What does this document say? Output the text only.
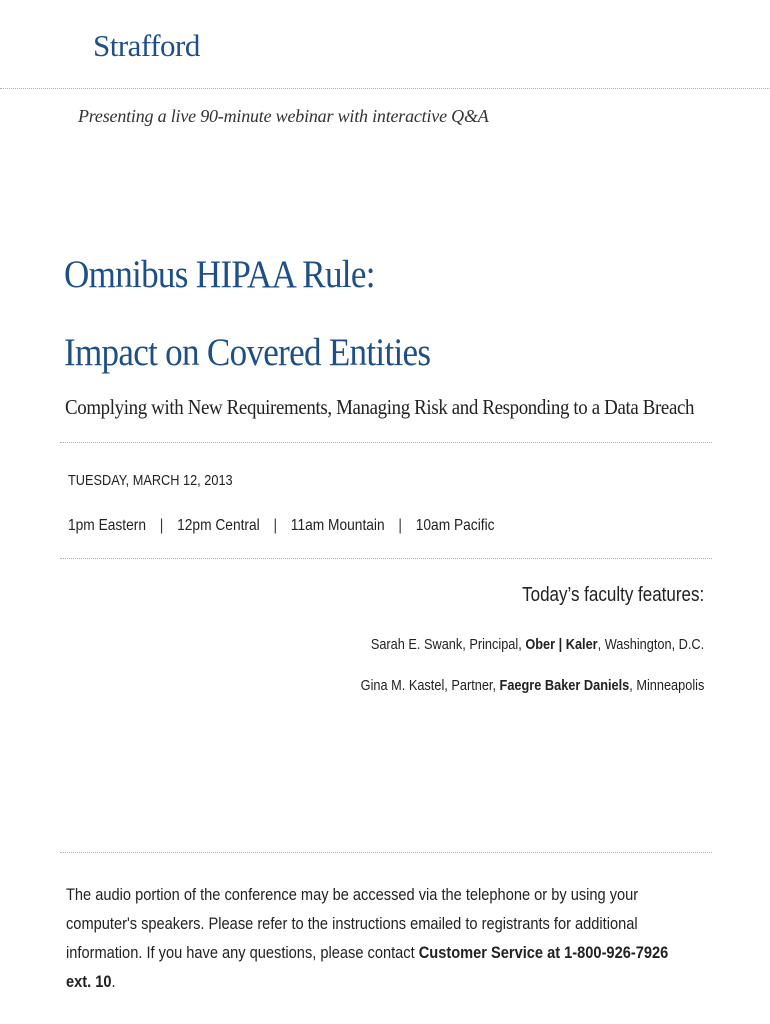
Strafford
Presenting a live 90-minute webinar with interactive Q&A
Omnibus HIPAA Rule:
Impact on Covered Entities
Complying with New Requirements, Managing Risk and Responding to a Data Breach
TUESDAY, MARCH 12, 2013
1pm Eastern | 12pm Central | 11am Mountain | 10am Pacific
Today’s faculty features:
Sarah E. Swank, Principal, Ober | Kaler, Washington, D.C.
Gina M. Kastel, Partner, Faegre Baker Daniels, Minneapolis
The audio portion of the conference may be accessed via the telephone or by using your computer's speakers. Please refer to the instructions emailed to registrants for additional information. If you have any questions, please contact Customer Service at 1-800-926-7926 ext. 10.
